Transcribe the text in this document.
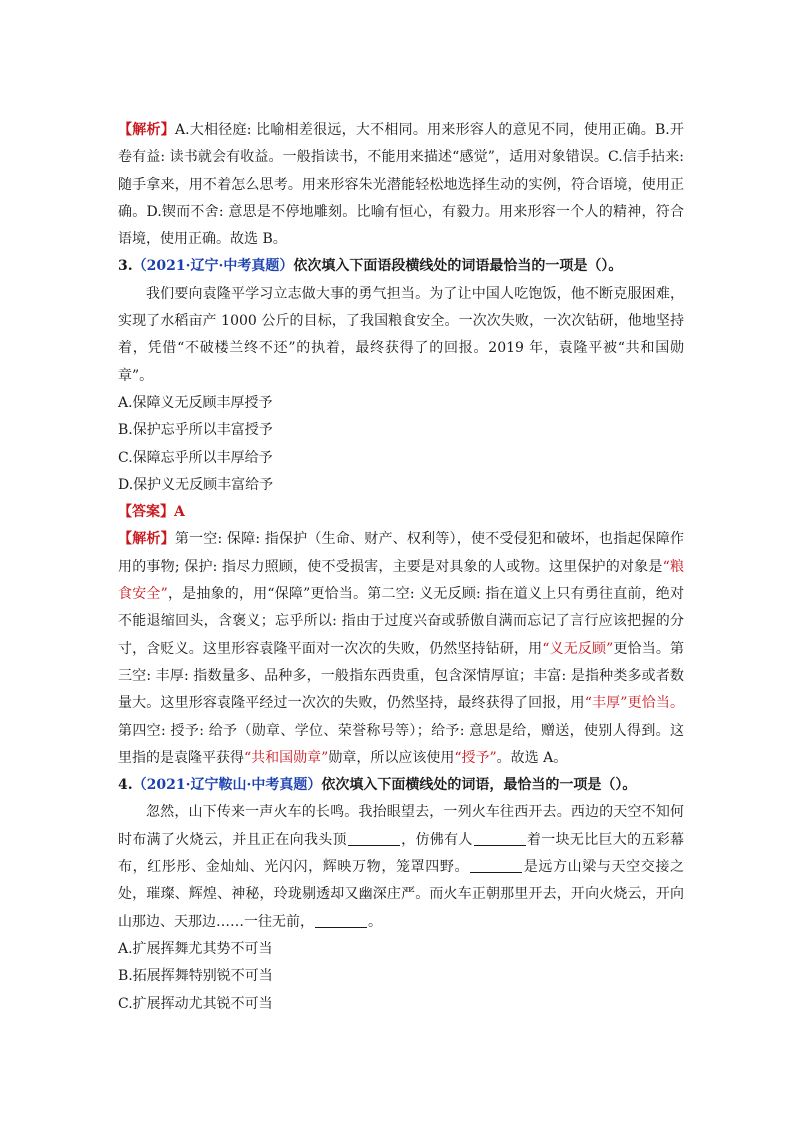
【解析】A.大相径庭: 比喻相差很远，大不相同。用来形容人的意见不同，使用正确。B.开卷有益: 读书就会有收益。一般指读书，不能用来描述“感觉”，适用对象错误。C.信手拈来: 随手拿来，用不着怎么思考。用来形容朱光潜能轻松地选择生动的实例，符合语境，使用正确。D.锲而不舍: 意思是不停地雕刻。比喻有恒心，有毅力。用来形容一个人的精神，符合语境，使用正确。故选 B。

3.（2021·辽宁·中考真题）依次填入下面语段横线处的词语最恰当的一项是（）。

我们要向袁隆平学习立志做大事的勇气担当。为了让中国人吃饱饭，他不断克服困难，实现了水稻亩产 1000 公斤的目标，了我国粮食安全。一次次失败，一次次钻研，他地坚持着，凭借“不破楼兰终不还”的执着，最终获得了的回报。2019 年，袁隆平被“共和国勋章”。

A.保障义无反顾丰厚授予

B.保护忘乎所以丰富授予

C.保障忘乎所以丰厚给予

D.保护义无反顾丰富给予

【答案】A

【解析】第一空: 保障: 指保护（生命、财产、权利等），使不受侵犯和破坏，也指起保障作用的事物; 保护: 指尽力照顾，使不受损害，主要是对具象的人或物。这里保护的对象是“粮食安全”，是抽象的，用“保障”更恰当。第二空: 义无反顾: 指在道义上只有勇往直前，绝对不能退缩回头，含褒义；忘乎所以: 指由于过度兴奋或骄傲自满而忘记了言行应该把握的分寸，含贬义。这里形容袁隆平面对一次次的失败，仍然坚持钻研，用“义无反顾”更恰当。第三空: 丰厚: 指数量多、品种多，一般指东西贵重，包含深情厚谊；丰富: 是指种类多或者数量大。这里形容袁隆平经过一次次的失败，仍然坚持，最终获得了回报，用“丰厚”更恰当。第四空: 授予: 给予（勋章、学位、荣誉称号等）；给予: 意思是给，赠送，使别人得到。这里指的是袁隆平获得“共和国勋章”勋章，所以应该使用“授予”。故选 A。

4.（2021·辽宁鞍山·中考真题）依次填入下面横线处的词语，最恰当的一项是（）。

忽然，山下传来一声火车的长鸣。我抬眼望去，一列火车往西开去。西边的天空不知何时布满了火烧云，并且正在向我头顶	，仿佛有人	着一块无比巨大的五彩幕布，红彤彤、金灿灿、光闪闪，辉映万物，笼罩四野。	是远方山梁与天空交接之处，璀璨、辉煌、神秘，玲珑剔透却又幽深庄严。而火车正朝那里开去，开向火烧云，开向山那边、天那边……一往无前，	。

A.扩展挥舞尤其势不可当

B.拓展挥舞特别锐不可当

C.扩展挥动尤其锐不可当
